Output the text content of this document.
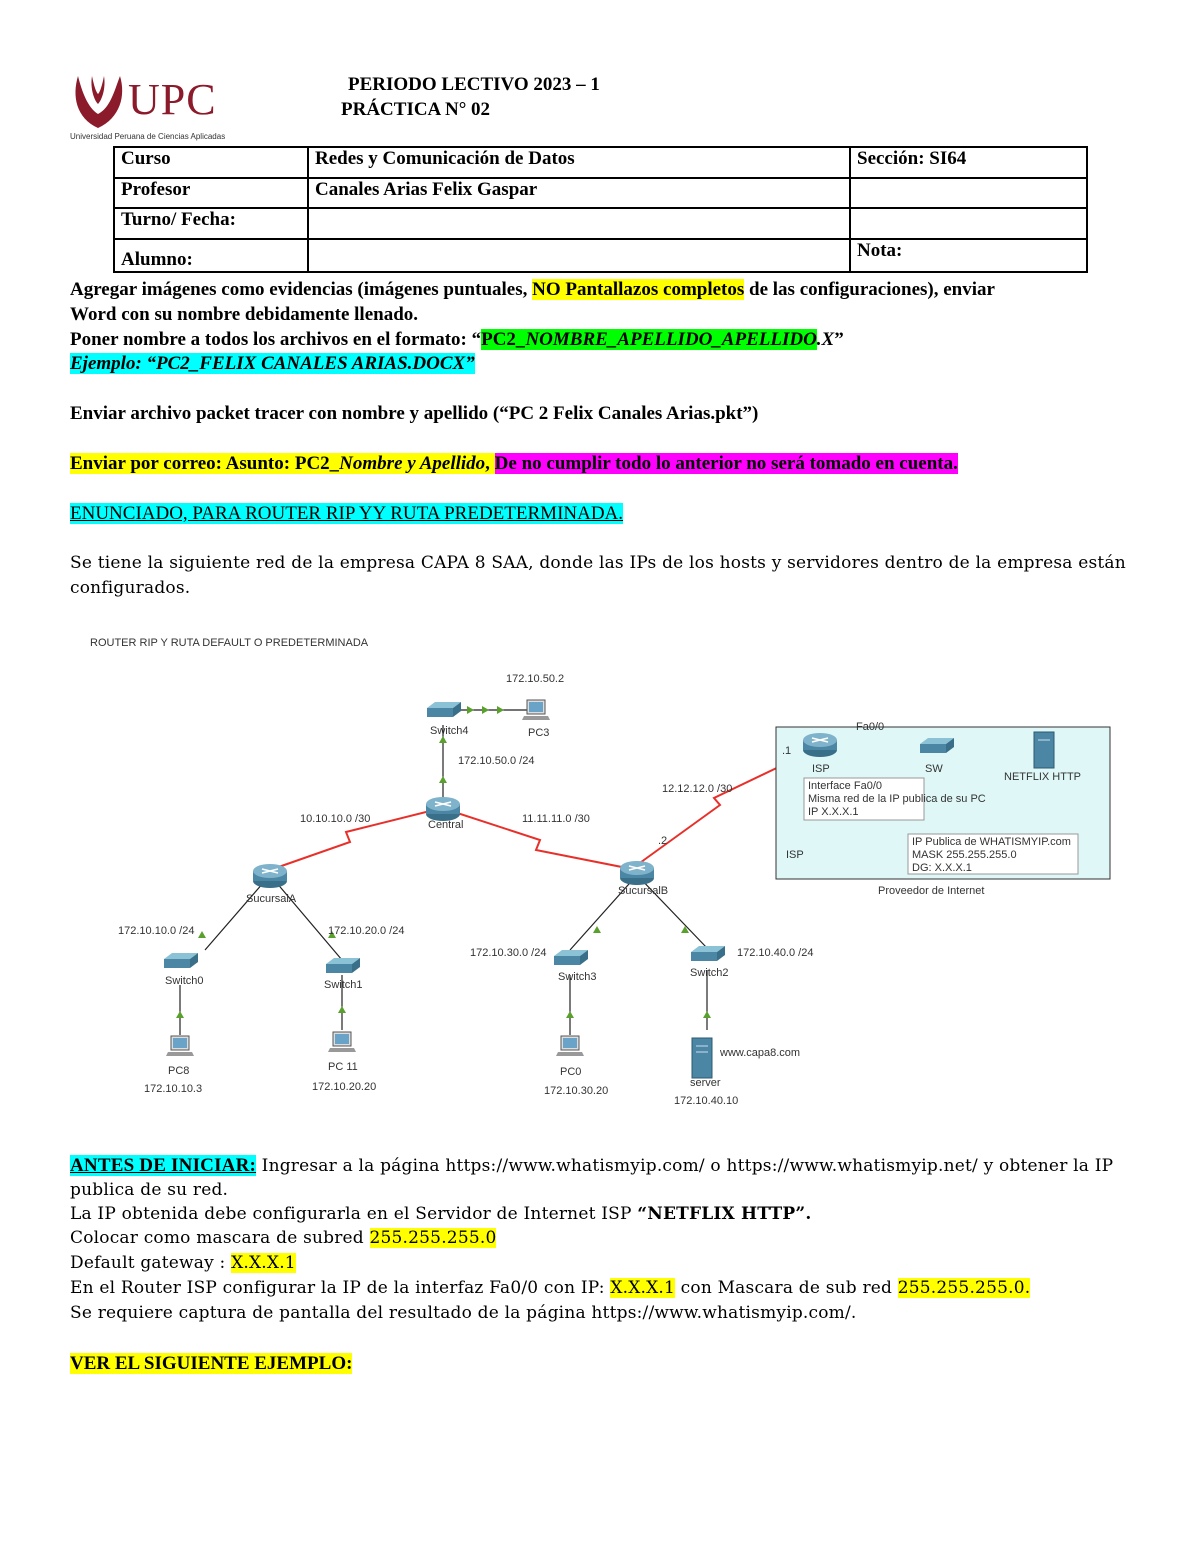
UPC
Universidad Peruana de Ciencias Aplicadas
PERIODO LECTIVO 2023 – 1
PRÁCTICA N° 02
Curso	Redes y Comunicación de Datos	Sección: SI64
Profesor	Canales Arias Felix Gaspar	
Turno/ Fecha:		
Alumno:		Nota:
Agregar imágenes como evidencias (imágenes puntuales, NO Pantallazos completos de las configuraciones), enviar
Word con su nombre debidamente llenado.
Poner nombre a todos los archivos en el formato: “PC2_NOMBRE_APELLIDO_APELLIDO.X”
Ejemplo: “PC2_FELIX CANALES ARIAS.DOCX”
Enviar archivo packet tracer con nombre y apellido (“PC 2 Felix Canales Arias.pkt”)
Enviar por correo: Asunto: PC2_Nombre y Apellido, De no cumplir todo lo anterior no será tomado en cuenta.
ENUNCIADO, PARA ROUTER RIP YY RUTA PREDETERMINADA.
Se tiene la siguiente red de la empresa CAPA 8 SAA, donde las IPs de los hosts y servidores dentro de la empresa están
configurados.
ROUTER RIP Y RUTA DEFAULT O PREDETERMINADA
172.10.50.2
Switch4	PC3
172.10.50.0 /24
Central
10.10.10.0 /30	11.11.11.0 /30
12.12.12.0 /30
SucursalA
SucursalB
172.10.10.0 /24	172.10.20.0 /24
Switch0	Switch1
PC8
172.10.10.3
PC 11
172.10.20.20
172.10.30.0 /24	172.10.40.0 /24
Switch3	Switch2
PC0
172.10.30.20
server
172.10.40.10
www.capa8.com
.1
.2
Fa0/0
ISP	SW
NETFLIX HTTP
Interface Fa0/0
Misma red de la IP publica de su PC
IP X.X.X.1
IP Publica de WHATISMYIP.com
MASK 255.255.255.0
DG: X.X.X.1
ISP
Proveedor de Internet
ANTES DE INICIAR: Ingresar a la página https://www.whatismyip.com/ o https://www.whatismyip.net/ y obtener la IP
publica de su red.
La IP obtenida debe configurarla en el Servidor de Internet ISP “NETFLIX HTTP”.
Colocar como mascara de subred 255.255.255.0
Default gateway : X.X.X.1
En el Router ISP configurar la IP de la interfaz Fa0/0 con IP: X.X.X.1 con Mascara de sub red 255.255.255.0.
Se requiere captura de pantalla del resultado de la página https://www.whatismyip.com/.
VER EL SIGUIENTE EJEMPLO:
